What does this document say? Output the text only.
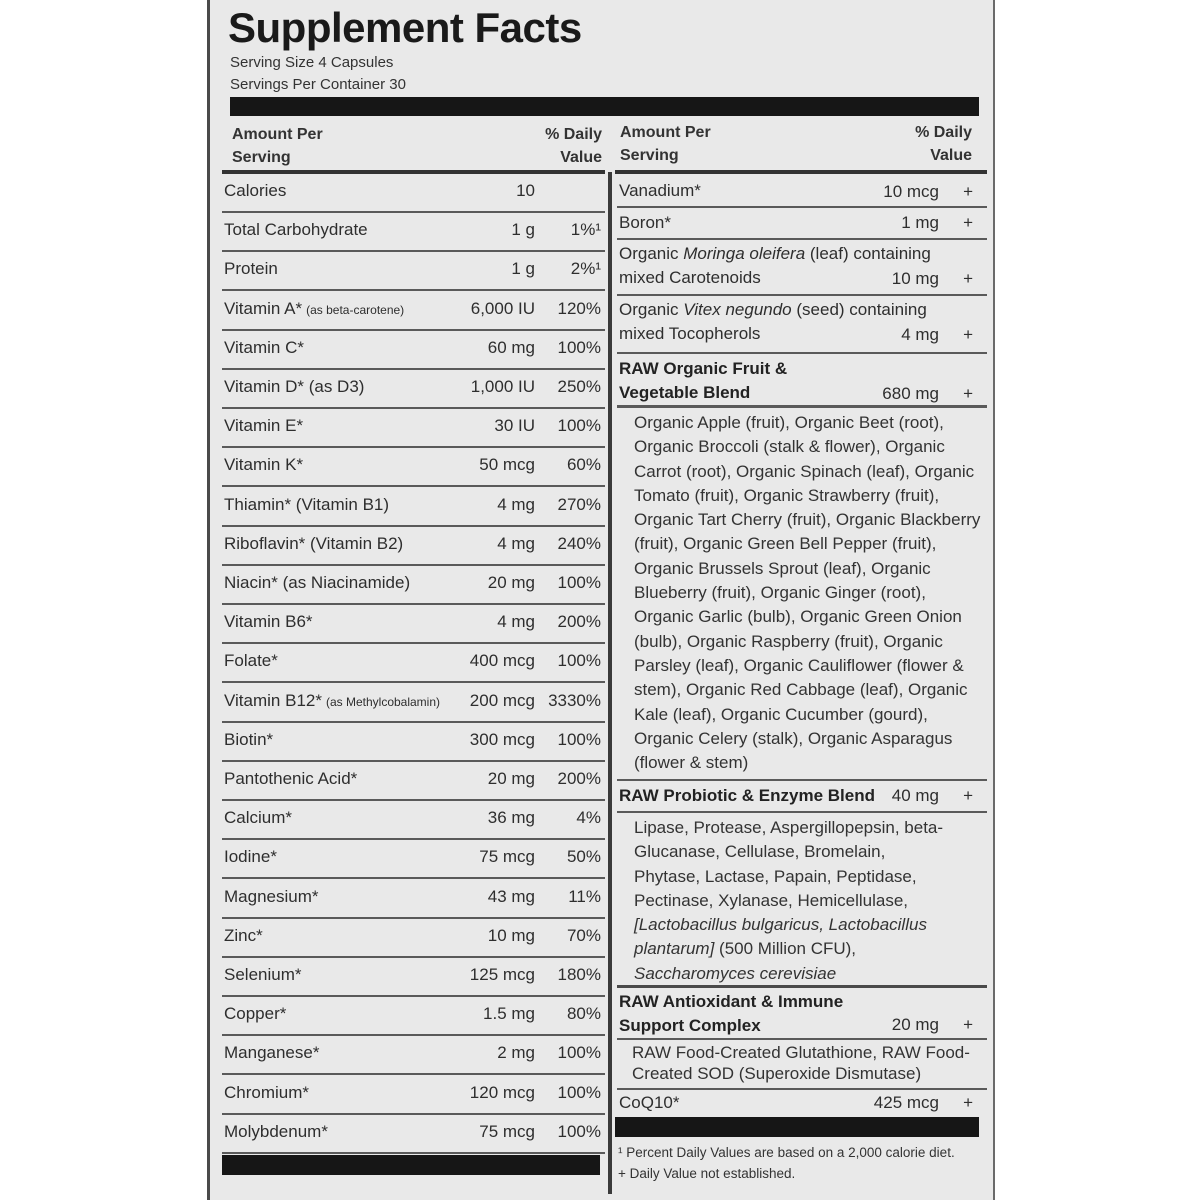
Supplement Facts
Serving Size 4 Capsules
Servings Per Container 30
Amount Per
Serving
% Daily
Value
Amount Per
Serving
% Daily
Value
Calories	10
Total Carbohydrate	1 g 1%¹
Protein	1 g 2%¹
Vitamin A* (as beta-carotene)	6,000 IU 120%
Vitamin C*	60 mg 100%
Vitamin D* (as D3)	1,000 IU 250%
Vitamin E*	30 IU 100%
Vitamin K*	50 mcg 60%
Thiamin* (Vitamin B1)	4 mg 270%
Riboflavin* (Vitamin B2)	4 mg 240%
Niacin* (as Niacinamide)	20 mg 100%
Vitamin B6*	4 mg 200%
Folate*	400 mcg 100%
Vitamin B12* (as Methylcobalamin) 200 mcg 3330%
Biotin*	300 mcg 100%
Pantothenic Acid*	20 mg 200%
Calcium*	36 mg 4%
Iodine*	75 mcg 50%
Magnesium*	43 mg 11%
Zinc*	10 mg 70%
Selenium*	125 mcg 180%
Copper*	1.5 mg 80%
Manganese*	2 mg 100%
Chromium*	120 mcg 100%
Molybdenum*	75 mcg 100%
Vanadium*	10 mcg +
Boron*	1 mg +
Organic Moringa oleifera (leaf) containing mixed Carotenoids	10 mg +
Organic Vitex negundo (seed) containing mixed Tocopherols	4 mg +
RAW Organic Fruit & Vegetable Blend	680 mg +
Organic Apple (fruit), Organic Beet (root), Organic Broccoli (stalk & flower), Organic Carrot (root), Organic Spinach (leaf), Organic Tomato (fruit), Organic Strawberry (fruit), Organic Tart Cherry (fruit), Organic Blackberry (fruit), Organic Green Bell Pepper (fruit), Organic Brussels Sprout (leaf), Organic Blueberry (fruit), Organic Ginger (root), Organic Garlic (bulb), Organic Green Onion (bulb), Organic Raspberry (fruit), Organic Parsley (leaf), Organic Cauliflower (flower & stem), Organic Red Cabbage (leaf), Organic Kale (leaf), Organic Cucumber (gourd), Organic Celery (stalk), Organic Asparagus (flower & stem)
RAW Probiotic & Enzyme Blend 40 mg +
Lipase, Protease, Aspergillopepsin, beta-Glucanase, Cellulase, Bromelain, Phytase, Lactase, Papain, Peptidase, Pectinase, Xylanase, Hemicellulase, [Lactobacillus bulgaricus, Lactobacillus plantarum] (500 Million CFU), Saccharomyces cerevisiae
RAW Antioxidant & Immune Support Complex	20 mg +
RAW Food-Created Glutathione, RAW Food-Created SOD (Superoxide Dismutase)
CoQ10*	425 mcg +
¹ Percent Daily Values are based on a 2,000 calorie diet.
+ Daily Value not established.
